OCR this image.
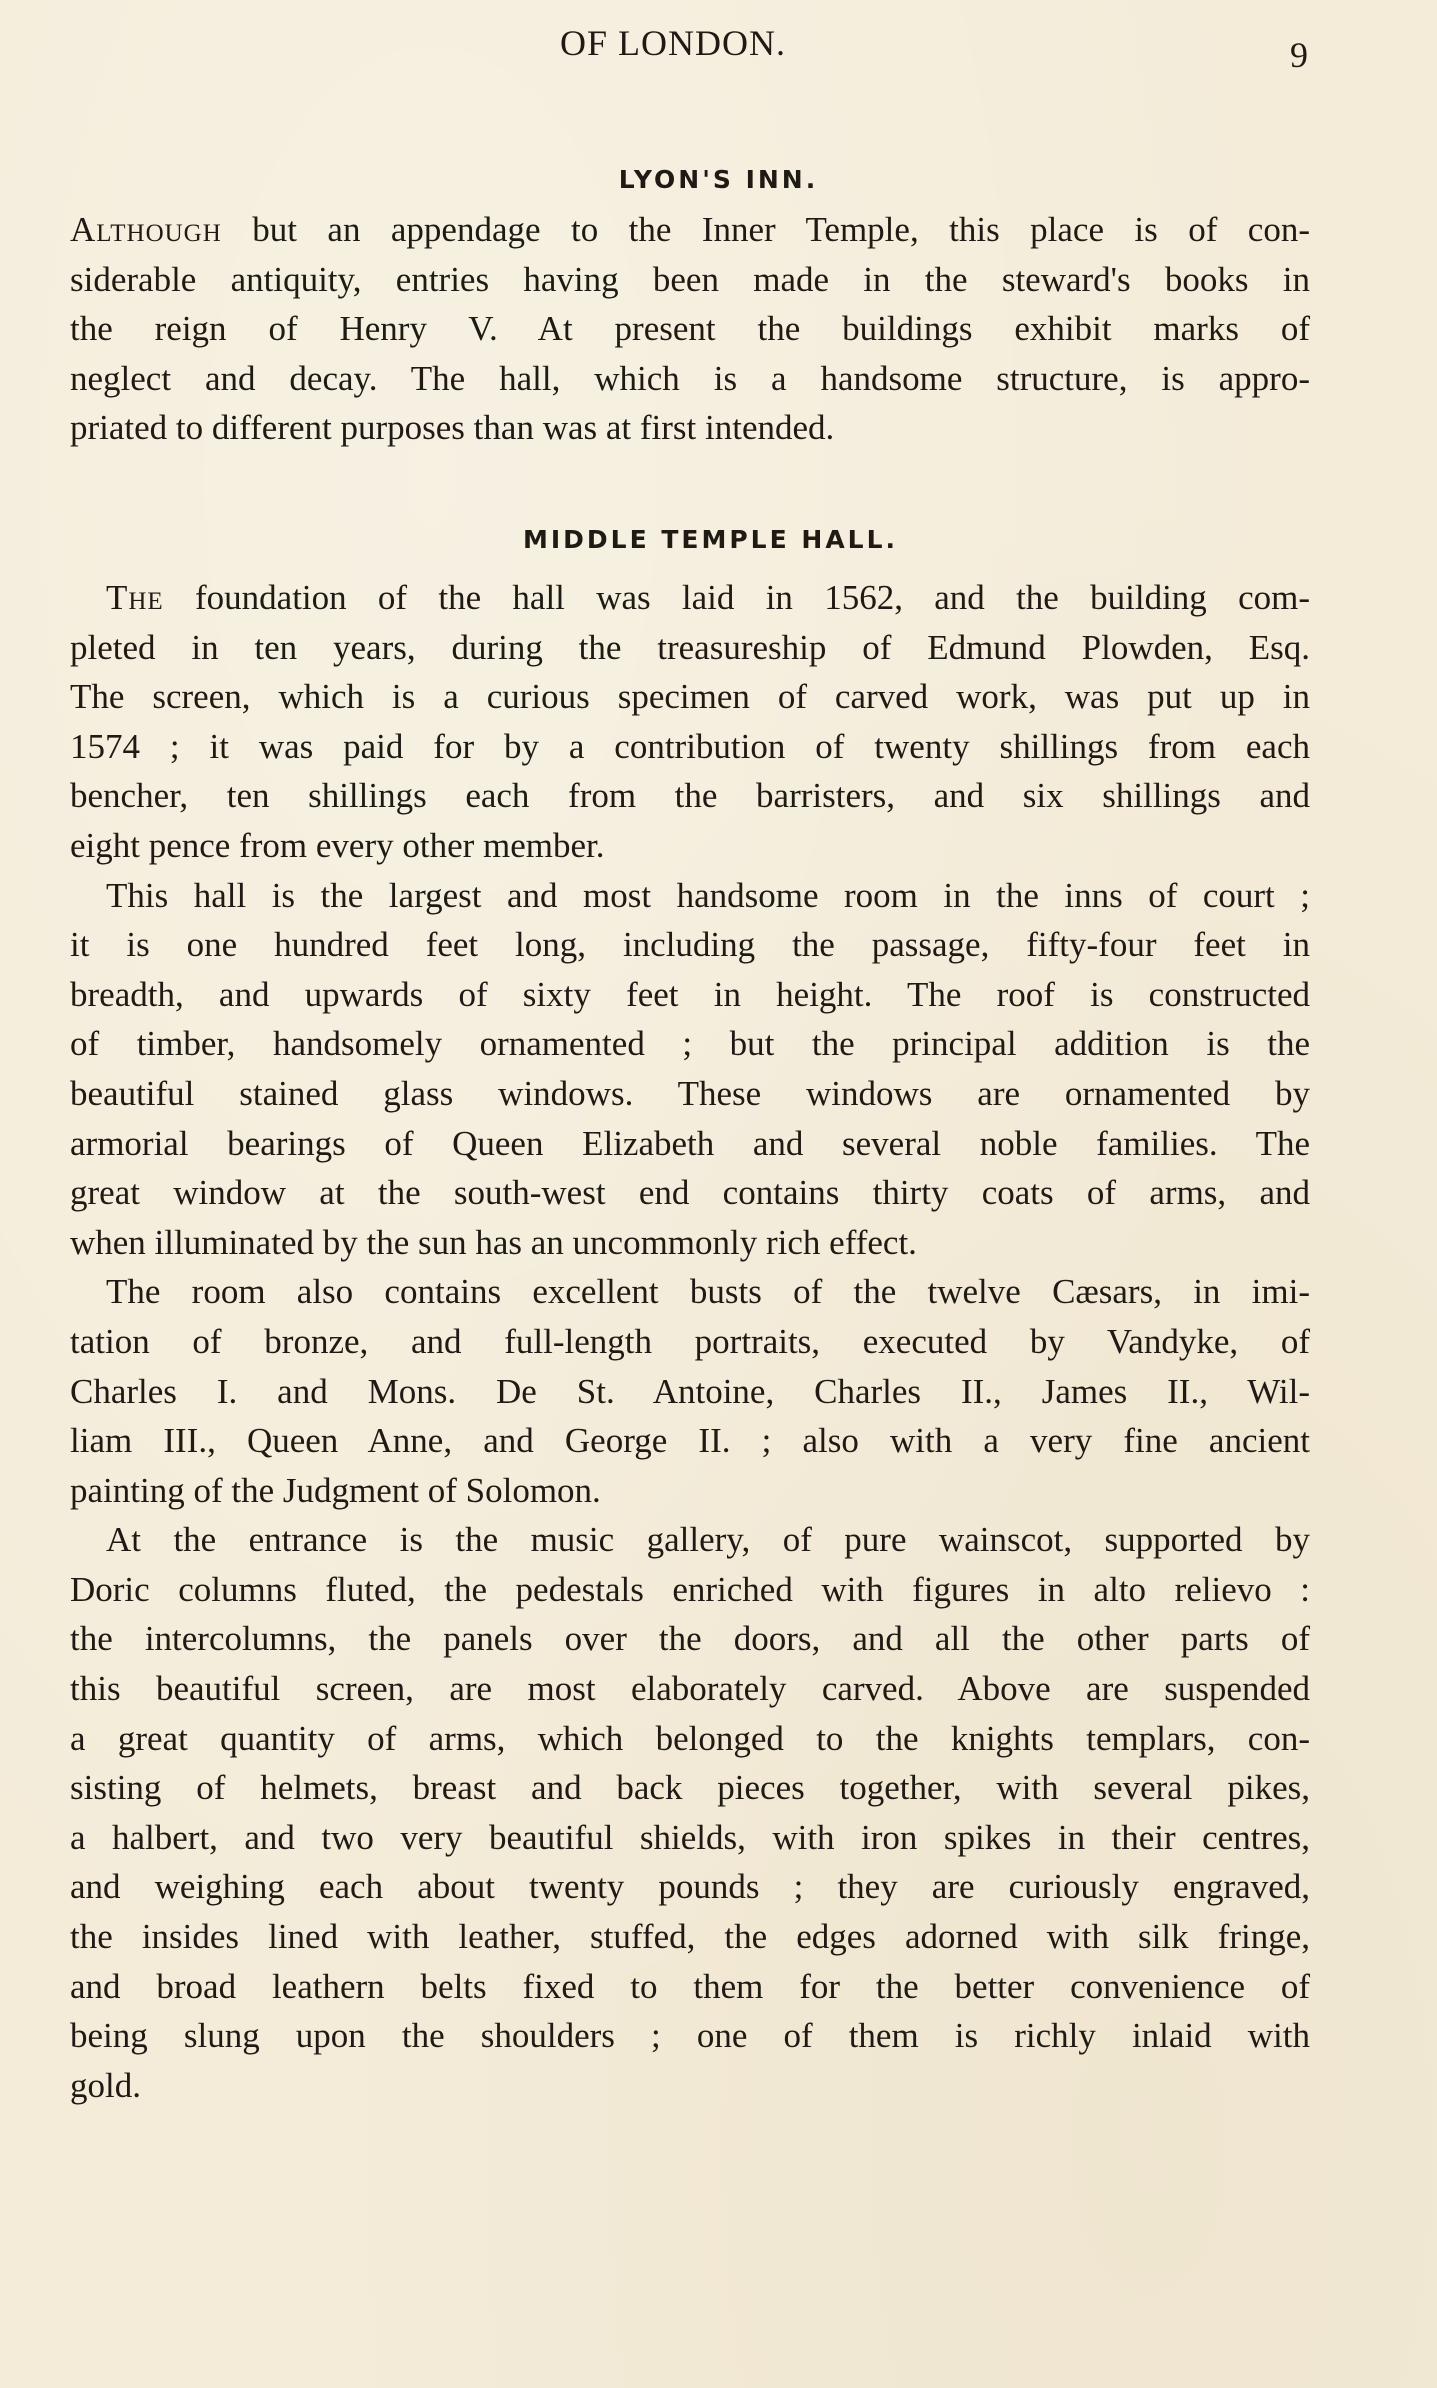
OF LONDON.	9
LYON'S INN.
Although but an appendage to the Inner Temple, this place is of con-
siderable antiquity, entries having been made in the steward's books in
the reign of Henry V. At present the buildings exhibit marks of
neglect and decay. The hall, which is a handsome structure, is appro-
priated to different purposes than was at first intended.
MIDDLE TEMPLE HALL.
The foundation of the hall was laid in 1562, and the building com-
pleted in ten years, during the treasureship of Edmund Plowden, Esq.
The screen, which is a curious specimen of carved work, was put up in
1574 ; it was paid for by a contribution of twenty shillings from each
bencher, ten shillings each from the barristers, and six shillings and
eight pence from every other member.
This hall is the largest and most handsome room in the inns of court ;
it is one hundred feet long, including the passage, fifty-four feet in
breadth, and upwards of sixty feet in height. The roof is constructed
of timber, handsomely ornamented ; but the principal addition is the
beautiful stained glass windows. These windows are ornamented by
armorial bearings of Queen Elizabeth and several noble families. The
great window at the south-west end contains thirty coats of arms, and
when illuminated by the sun has an uncommonly rich effect.
The room also contains excellent busts of the twelve Cæsars, in imi-
tation of bronze, and full-length portraits, executed by Vandyke, of
Charles I. and Mons. De St. Antoine, Charles II., James II., Wil-
liam III., Queen Anne, and George II. ; also with a very fine ancient
painting of the Judgment of Solomon.
At the entrance is the music gallery, of pure wainscot, supported by
Doric columns fluted, the pedestals enriched with figures in alto relievo :
the intercolumns, the panels over the doors, and all the other parts of
this beautiful screen, are most elaborately carved. Above are suspended
a great quantity of arms, which belonged to the knights templars, con-
sisting of helmets, breast and back pieces together, with several pikes,
a halbert, and two very beautiful shields, with iron spikes in their centres,
and weighing each about twenty pounds ; they are curiously engraved,
the insides lined with leather, stuffed, the edges adorned with silk fringe,
and broad leathern belts fixed to them for the better convenience of
being slung upon the shoulders ; one of them is richly inlaid with
gold.
